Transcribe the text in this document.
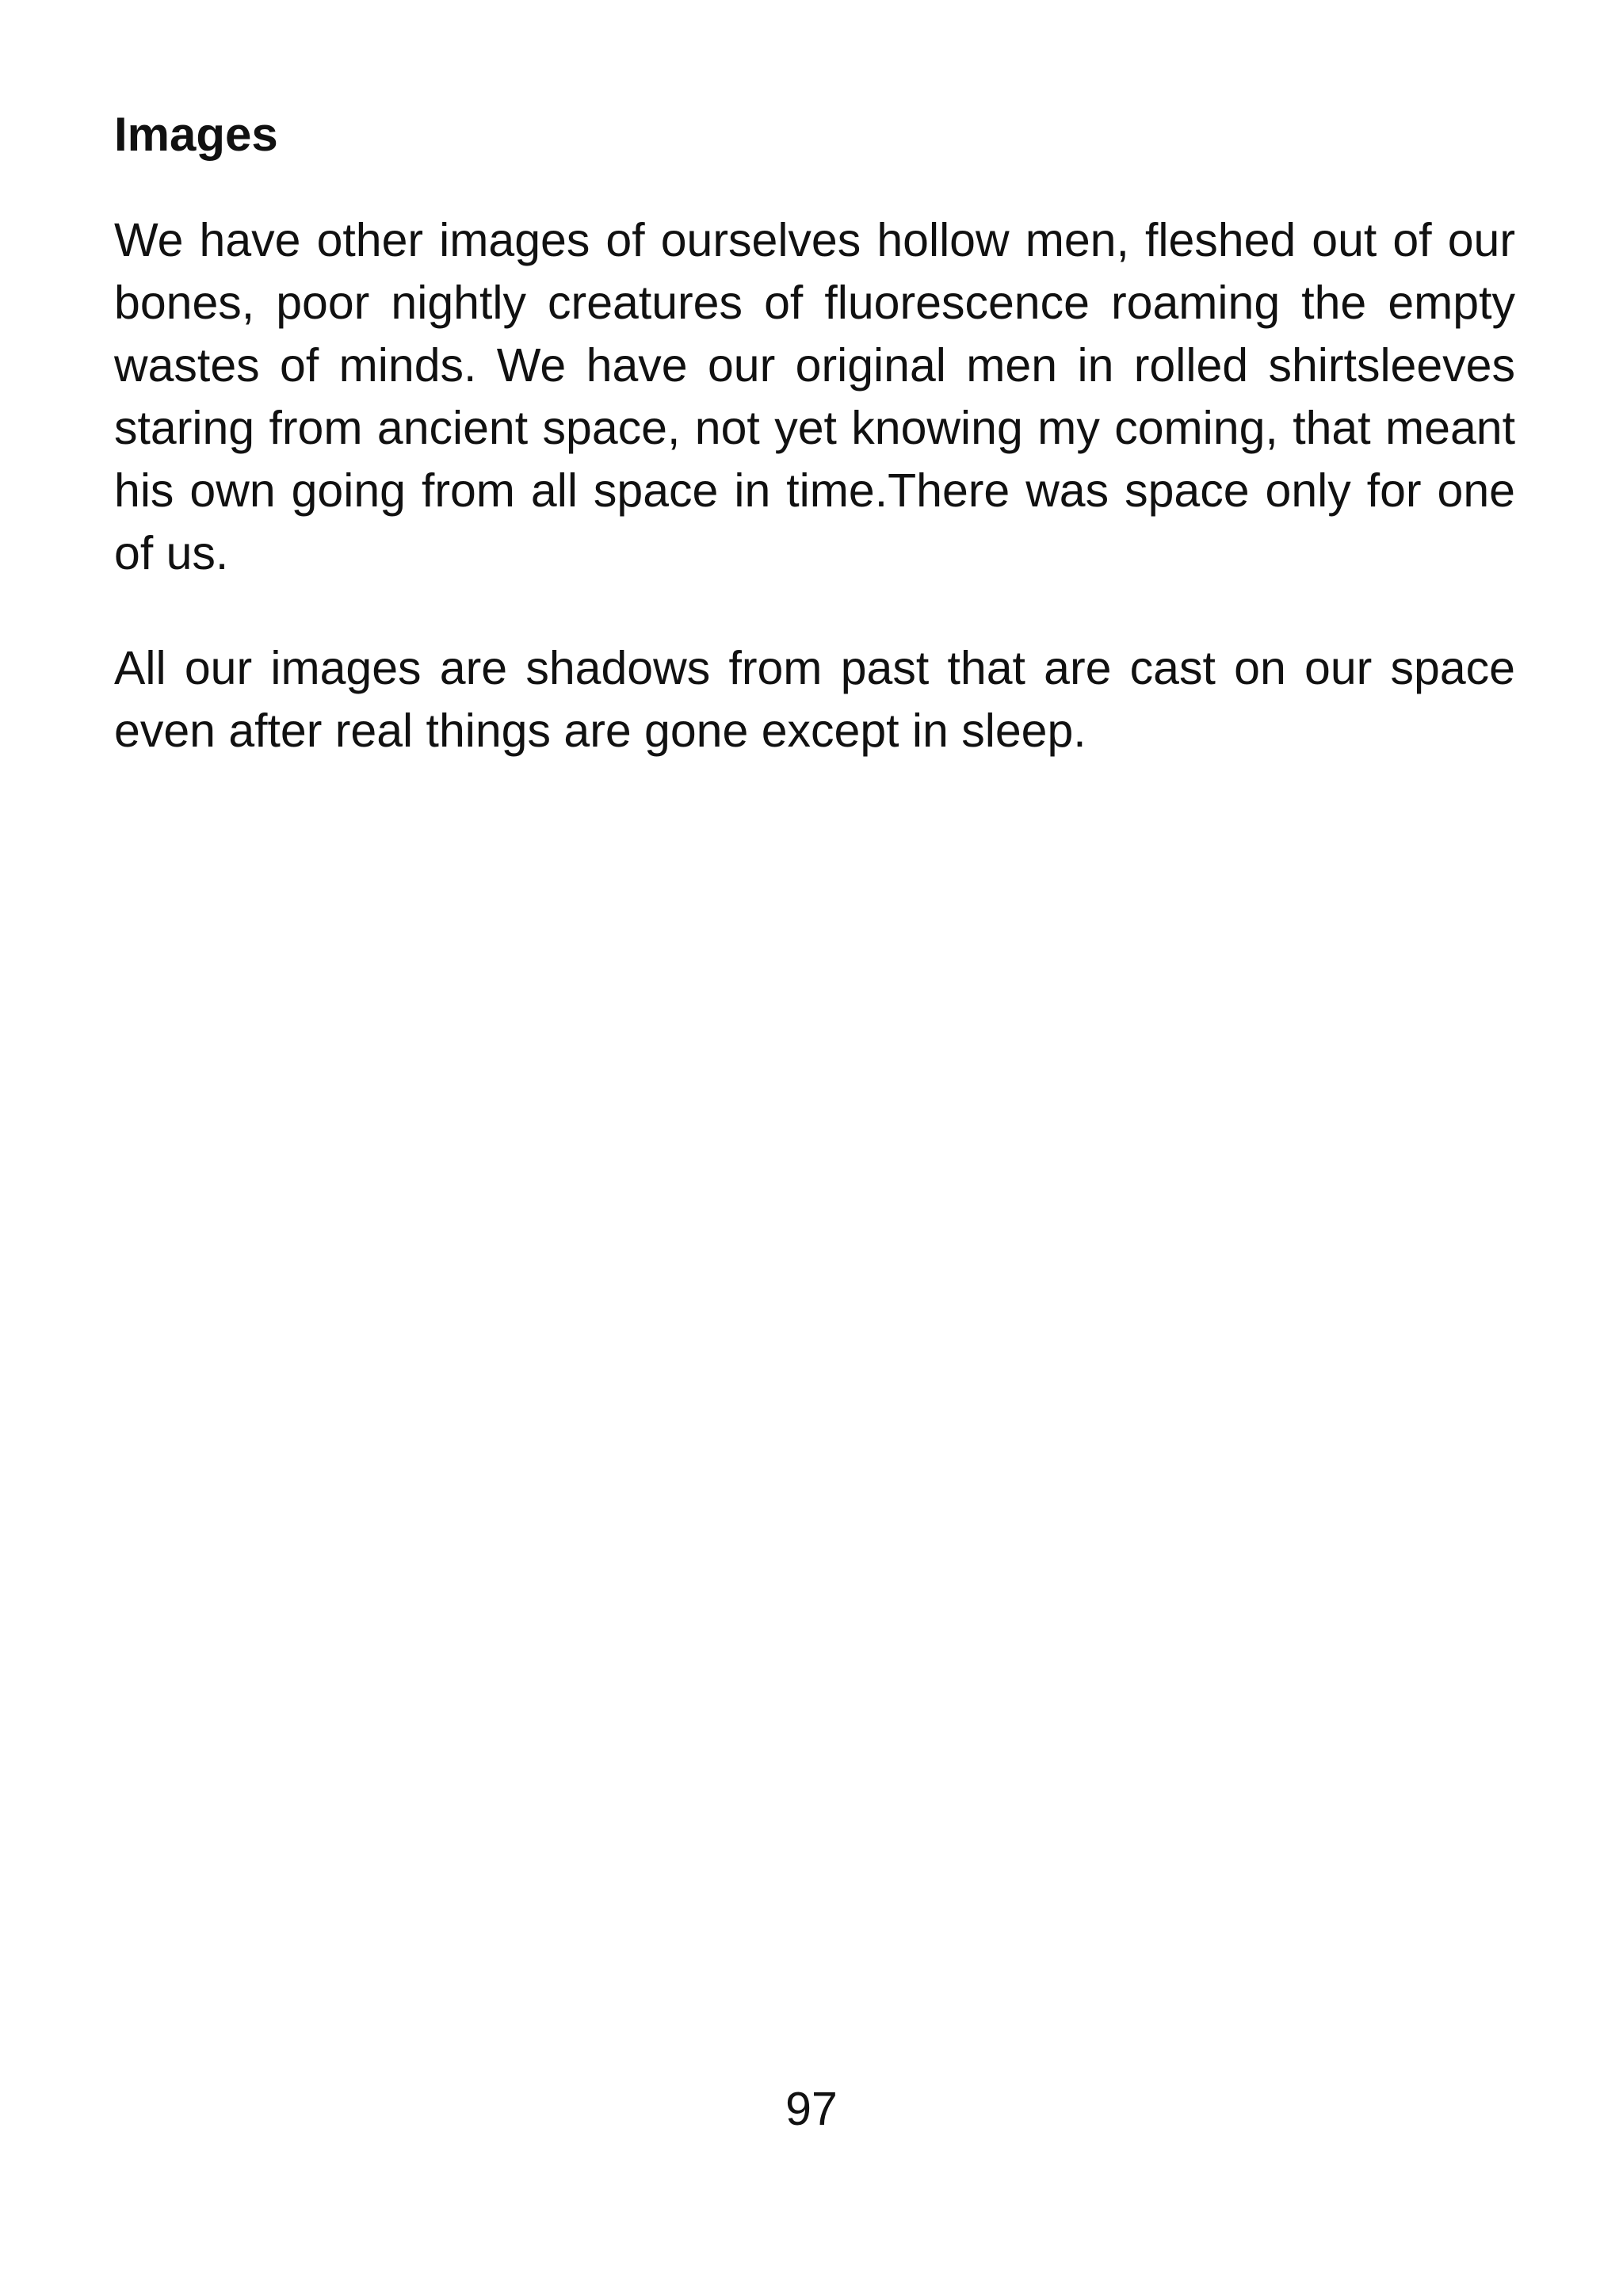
Images

We have other images of ourselves hollow men, fleshed out of our bones, poor nightly creatures of fluorescence roaming the empty wastes of minds. We have our original men in rolled shirtsleeves staring from ancient space, not yet knowing my coming, that meant his own going from all space in time.There was space only for one of us.

All our images are shadows from past that are cast on our space even after real things are gone except in sleep.

97
